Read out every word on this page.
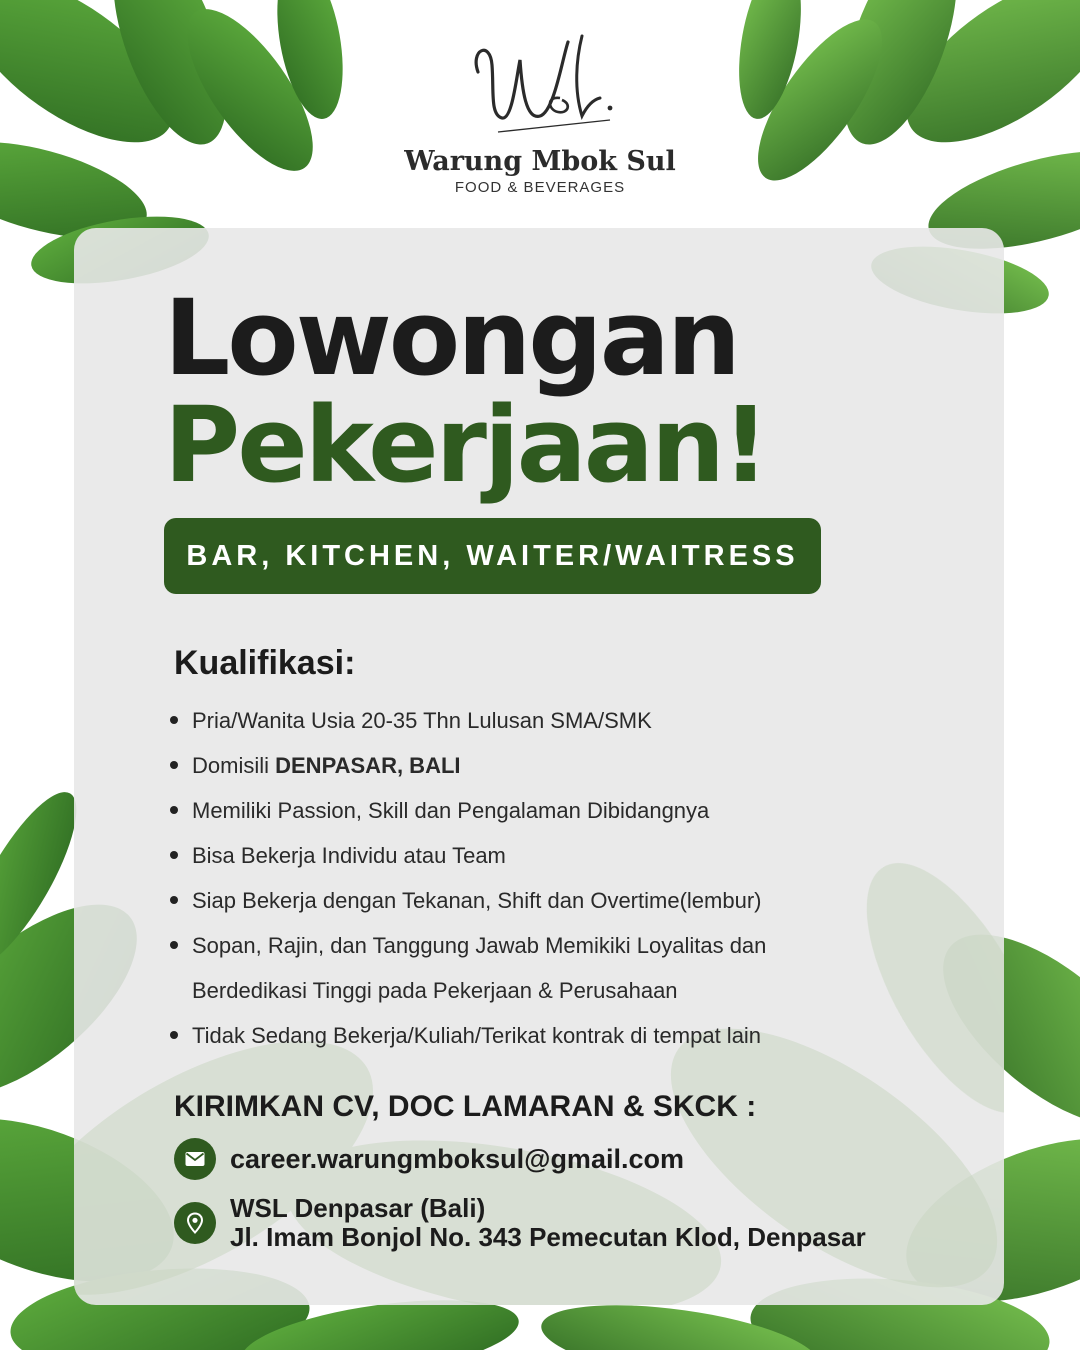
Warung Mbok Sul
FOOD & BEVERAGES
Lowongan
Pekerjaan!
BAR, KITCHEN, WAITER/WAITRESS
Kualifikasi:
Pria/Wanita Usia 20-35 Thn Lulusan SMA/SMK
Domisili DENPASAR, BALI
Memiliki Passion, Skill dan Pengalaman Dibidangnya
Bisa Bekerja Individu atau Team
Siap Bekerja dengan Tekanan, Shift dan Overtime(lembur)
Sopan, Rajin, dan Tanggung Jawab Memikiki Loyalitas dan
Berdedikasi Tinggi pada Pekerjaan & Perusahaan
Tidak Sedang Bekerja/Kuliah/Terikat kontrak di tempat lain
KIRIMKAN CV, DOC LAMARAN & SKCK :
career.warungmboksul@gmail.com
WSL Denpasar (Bali)
Jl. Imam Bonjol No. 343 Pemecutan Klod, Denpasar
